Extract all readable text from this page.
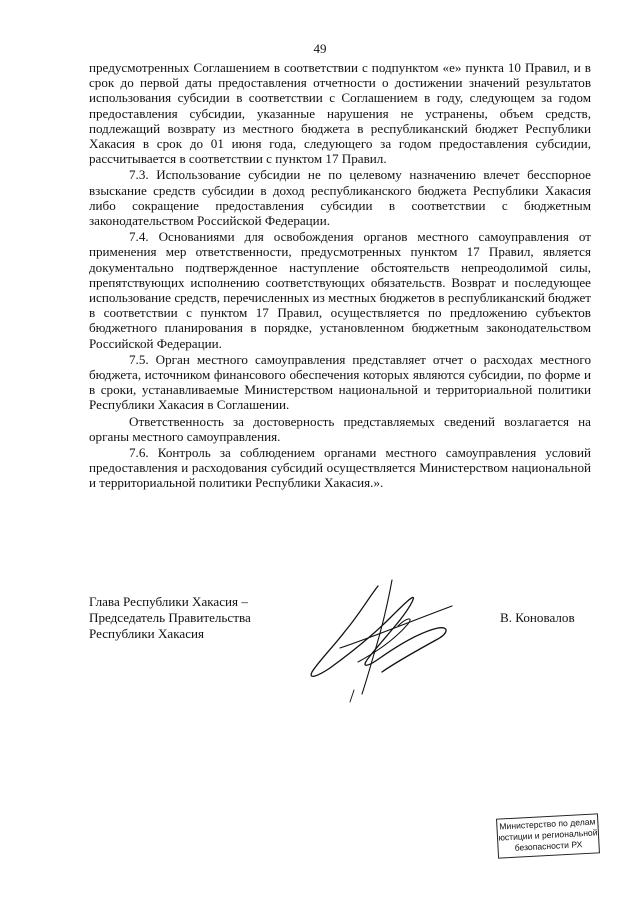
49

предусмотренных Соглашением в соответствии с подпунктом «е» пункта 10 Правил, и в срок до первой даты предоставления отчетности о достижении значений результатов использования субсидии в соответствии с Соглашением в году, следующем за годом предоставления субсидии, указанные нарушения не устранены, объем средств, подлежащий возврату из местного бюджета в республиканский бюджет Республики Хакасия в срок до 01 июня года, следующего за годом предоставления субсидии, рассчитывается в соответствии с пунктом 17 Правил.

7.3. Использование субсидии не по целевому назначению влечет бесспорное взыскание средств субсидии в доход республиканского бюджета Республики Хакасия либо сокращение предоставления субсидии в соответствии с бюджетным законодательством Российской Федерации.

7.4. Основаниями для освобождения органов местного самоуправления от применения мер ответственности, предусмотренных пунктом 17 Правил, является документально подтвержденное наступление обстоятельств непреодолимой силы, препятствующих исполнению соответствующих обязательств. Возврат и последующее использование средств, перечисленных из местных бюджетов в республиканский бюджет в соответствии с пунктом 17 Правил, осуществляется по предложению субъектов бюджетного планирования в порядке, установленном бюджетным законодательством Российской Федерации.

7.5. Орган местного самоуправления представляет отчет о расходах местного бюджета, источником финансового обеспечения которых являются субсидии, по форме и в сроки, устанавливаемые Министерством национальной и территориальной политики Республики Хакасия в Соглашении.

Ответственность за достоверность представляемых сведений возлагается на органы местного самоуправления.

7.6. Контроль за соблюдением органами местного самоуправления условий предоставления и расходования субсидий осуществляется Министерством национальной и территориальной политики Республики Хакасия.».

Глава Республики Хакасия –
Председатель Правительства
Республики Хакасия
В. Коновалов
Министерство по делам
юстиции и региональной
безопасности РХ
